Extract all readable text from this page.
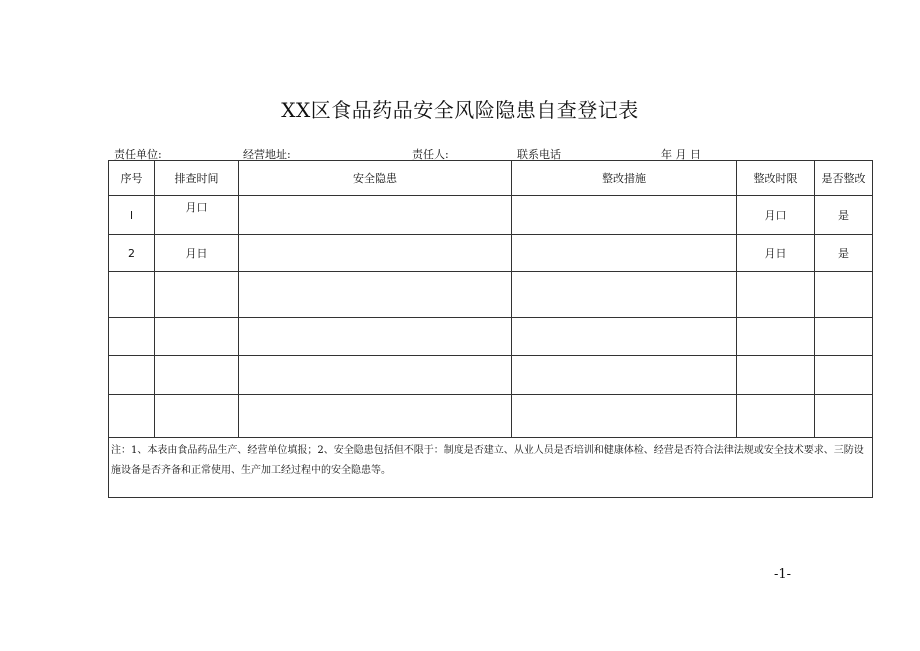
XX区食品药品安全风险隐患自查登记表
责任单位:	经营地址:	责任人:	联系电话	年 月 日
序号	排查时间	安全隐患	整改措施	整改时限	是否整改
l	月口			月口	是
2	月日			月日	是

注：1、本表由食品药品生产、经营单位填报；2、安全隐患包括但不限于：制度是否建立、从业人员是否培训和健康体检、经营是否符合法律法规或安全技术要求、三防设施设备是否齐备和正常使用、生产加工经过程中的安全隐患等。					
-1-
